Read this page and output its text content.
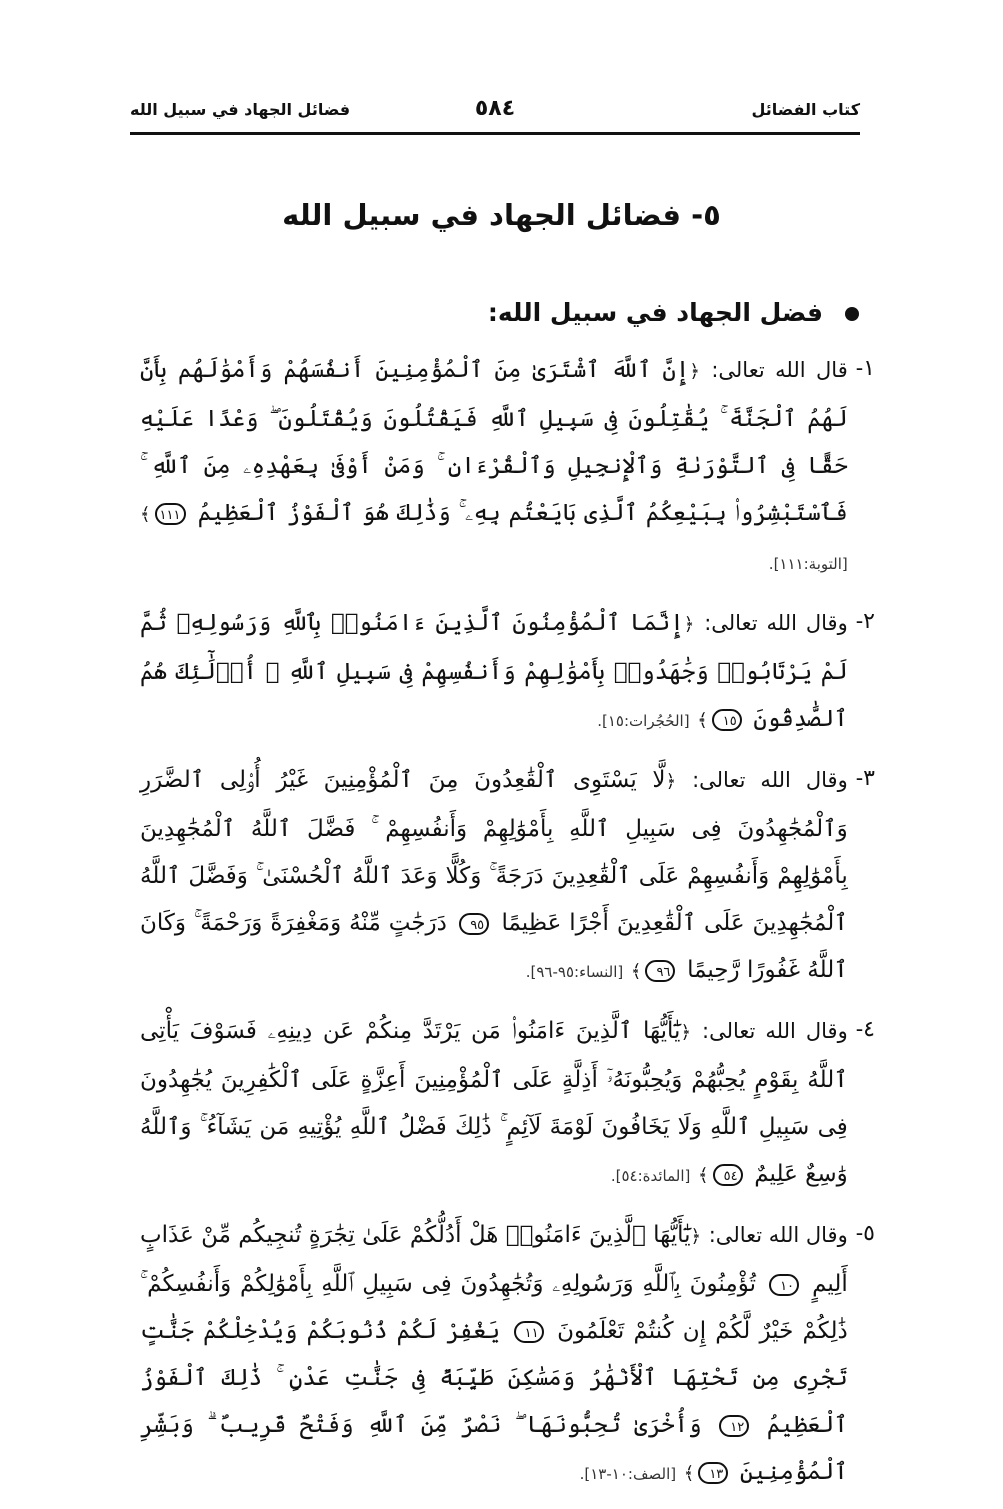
كتاب الفضائل
٥٨٤
فضائل الجهاد في سبيل الله
٥- فضائل الجهاد في سبيل الله
فضل الجهاد في سبيل الله:
١-
قال الله تعالى: ﴿إِنَّ ٱللَّهَ ٱشْتَرَىٰ مِنَ ٱلْمُؤْمِنِينَ أَنفُسَهُمْ وَأَمْوَٰلَهُم بِأَنَّ لَهُمُ ٱلْجَنَّةَ ۚ يُقَٰتِلُونَ فِى سَبِيلِ ٱللَّهِ فَيَقْتُلُونَ وَيُقْتَلُونَ ۖ وَعْدًا عَلَيْهِ حَقًّا فِى ٱلتَّوْرَىٰةِ وَٱلْإِنجِيلِ وَٱلْقُرْءَانِ ۚ وَمَنْ أَوْفَىٰ بِعَهْدِهِۦ مِنَ ٱللَّهِ ۚ فَٱسْتَبْشِرُوا۟ بِبَيْعِكُمُ ٱلَّذِى بَايَعْتُم بِهِۦ ۚ وَذَٰلِكَ هُوَ ٱلْفَوْزُ ٱلْعَظِيمُ ١١١﴾ [التوبة:١١١].
٢-
وقال الله تعالى: ﴿إِنَّمَا ٱلْمُؤْمِنُونَ ٱلَّذِينَ ءَامَنُوا۟ بِٱللَّهِ وَرَسُولِهِۦ ثُمَّ لَمْ يَرْتَابُوا۟ وَجَٰهَدُوا۟ بِأَمْوَٰلِهِمْ وَأَنفُسِهِمْ فِى سَبِيلِ ٱللَّهِ ۚ أُو۟لَٰٓئِكَ هُمُ ٱلصَّٰدِقُونَ ١٥﴾ [الحُجُرات:١٥].
٣-
وقال الله تعالى: ﴿لَّا يَسْتَوِى ٱلْقَٰعِدُونَ مِنَ ٱلْمُؤْمِنِينَ غَيْرُ أُو۟لِى ٱلضَّرَرِ وَٱلْمُجَٰهِدُونَ فِى سَبِيلِ ٱللَّهِ بِأَمْوَٰلِهِمْ وَأَنفُسِهِمْ ۚ فَضَّلَ ٱللَّهُ ٱلْمُجَٰهِدِينَ بِأَمْوَٰلِهِمْ وَأَنفُسِهِمْ عَلَى ٱلْقَٰعِدِينَ دَرَجَةً ۚ وَكُلًّا وَعَدَ ٱللَّهُ ٱلْحُسْنَىٰ ۚ وَفَضَّلَ ٱللَّهُ ٱلْمُجَٰهِدِينَ عَلَى ٱلْقَٰعِدِينَ أَجْرًا عَظِيمًا ٩٥ دَرَجَٰتٍ مِّنْهُ وَمَغْفِرَةً وَرَحْمَةً ۚ وَكَانَ ٱللَّهُ غَفُورًا رَّحِيمًا ٩٦﴾ [النساء:٩٥-٩٦].
٤-
وقال الله تعالى: ﴿يَٰٓأَيُّهَا ٱلَّذِينَ ءَامَنُوا۟ مَن يَرْتَدَّ مِنكُمْ عَن دِينِهِۦ فَسَوْفَ يَأْتِى ٱللَّهُ بِقَوْمٍ يُحِبُّهُمْ وَيُحِبُّونَهُۥٓ أَذِلَّةٍ عَلَى ٱلْمُؤْمِنِينَ أَعِزَّةٍ عَلَى ٱلْكَٰفِرِينَ يُجَٰهِدُونَ فِى سَبِيلِ ٱللَّهِ وَلَا يَخَافُونَ لَوْمَةَ لَآئِمٍ ۚ ذَٰلِكَ فَضْلُ ٱللَّهِ يُؤْتِيهِ مَن يَشَآءُ ۚ وَٱللَّهُ وَٰسِعٌ عَلِيمٌ ٥٤﴾ [المائدة:٥٤].
٥-
وقال الله تعالى: ﴿يَٰٓأَيُّهَا ٱلَّذِينَ ءَامَنُوا۟ هَلْ أَدُلُّكُمْ عَلَىٰ تِجَٰرَةٍ تُنجِيكُم مِّنْ عَذَابٍ أَلِيمٍ ١٠ تُؤْمِنُونَ بِٱللَّهِ وَرَسُولِهِۦ وَتُجَٰهِدُونَ فِى سَبِيلِ ٱللَّهِ بِأَمْوَٰلِكُمْ وَأَنفُسِكُمْ ۚ ذَٰلِكُمْ خَيْرٌ لَّكُمْ إِن كُنتُمْ تَعْلَمُونَ ١١ يَغْفِرْ لَكُمْ ذُنُوبَكُمْ وَيُدْخِلْكُمْ جَنَّٰتٍ تَجْرِى مِن تَحْتِهَا ٱلْأَنْهَٰرُ وَمَسَٰكِنَ طَيِّبَةً فِى جَنَّٰتِ عَدْنٍ ۚ ذَٰلِكَ ٱلْفَوْزُ ٱلْعَظِيمُ ١٢ وَأُخْرَىٰ تُحِبُّونَهَا ۖ نَصْرٌ مِّنَ ٱللَّهِ وَفَتْحٌ قَرِيبٌ ۗ وَبَشِّرِ ٱلْمُؤْمِنِينَ ١٣﴾ [الصف:١٠-١٣].
